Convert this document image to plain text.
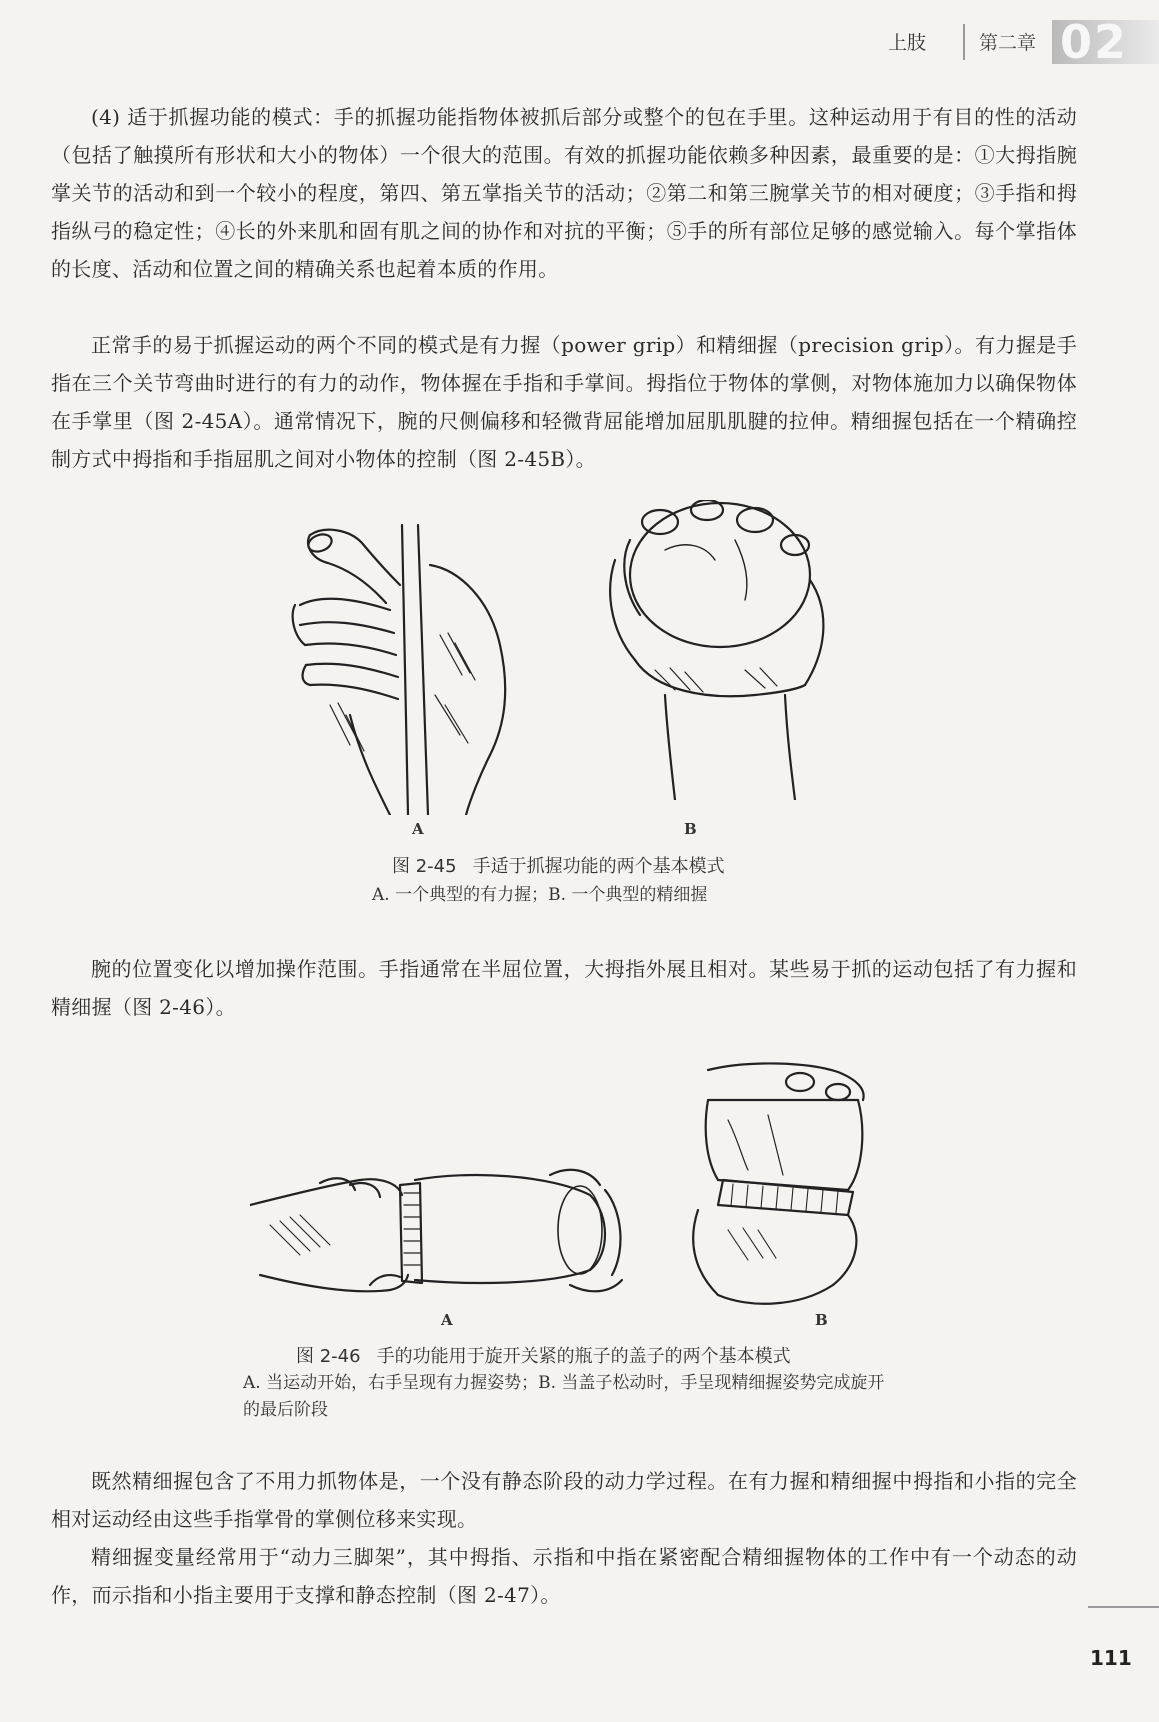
上肢	第二章 02

(4) 适于抓握功能的模式：手的抓握功能指物体被抓后部分或整个的包在手里。这种运动用于有目的性的活动（包括了触摸所有形状和大小的物体）一个很大的范围。有效的抓握功能依赖多种因素，最重要的是：①大拇指腕掌关节的活动和到一个较小的程度，第四、第五掌指关节的活动；②第二和第三腕掌关节的相对硬度；③手指和拇指纵弓的稳定性；④长的外来肌和固有肌之间的协作和对抗的平衡；⑤手的所有部位足够的感觉输入。每个掌指体的长度、活动和位置之间的精确关系也起着本质的作用。

正常手的易于抓握运动的两个不同的模式是有力握（power grip）和精细握（precision grip）。有力握是手指在三个关节弯曲时进行的有力的动作，物体握在手指和手掌间。拇指位于物体的掌侧，对物体施加力以确保物体在手掌里（图 2-45A）。通常情况下，腕的尺侧偏移和轻微背屈能增加屈肌肌腱的拉伸。精细握包括在一个精确控制方式中拇指和手指屈肌之间对小物体的控制（图 2-45B）。

A	B
图 2-45 手适于抓握功能的两个基本模式
A. 一个典型的有力握；B. 一个典型的精细握

腕的位置变化以增加操作范围。手指通常在半屈位置，大拇指外展且相对。某些易于抓的运动包括了有力握和精细握（图 2-46）。

A	B
图 2-46 手的功能用于旋开关紧的瓶子的盖子的两个基本模式
A. 当运动开始，右手呈现有力握姿势；B. 当盖子松动时，手呈现精细握姿势完成旋开的最后阶段

既然精细握包含了不用力抓物体是，一个没有静态阶段的动力学过程。在有力握和精细握中拇指和小指的完全相对运动经由这些手指掌骨的掌侧位移来实现。

精细握变量经常用于“动力三脚架”，其中拇指、示指和中指在紧密配合精细握物体的工作中有一个动态的动作，而示指和小指主要用于支撑和静态控制（图 2-47）。

111
